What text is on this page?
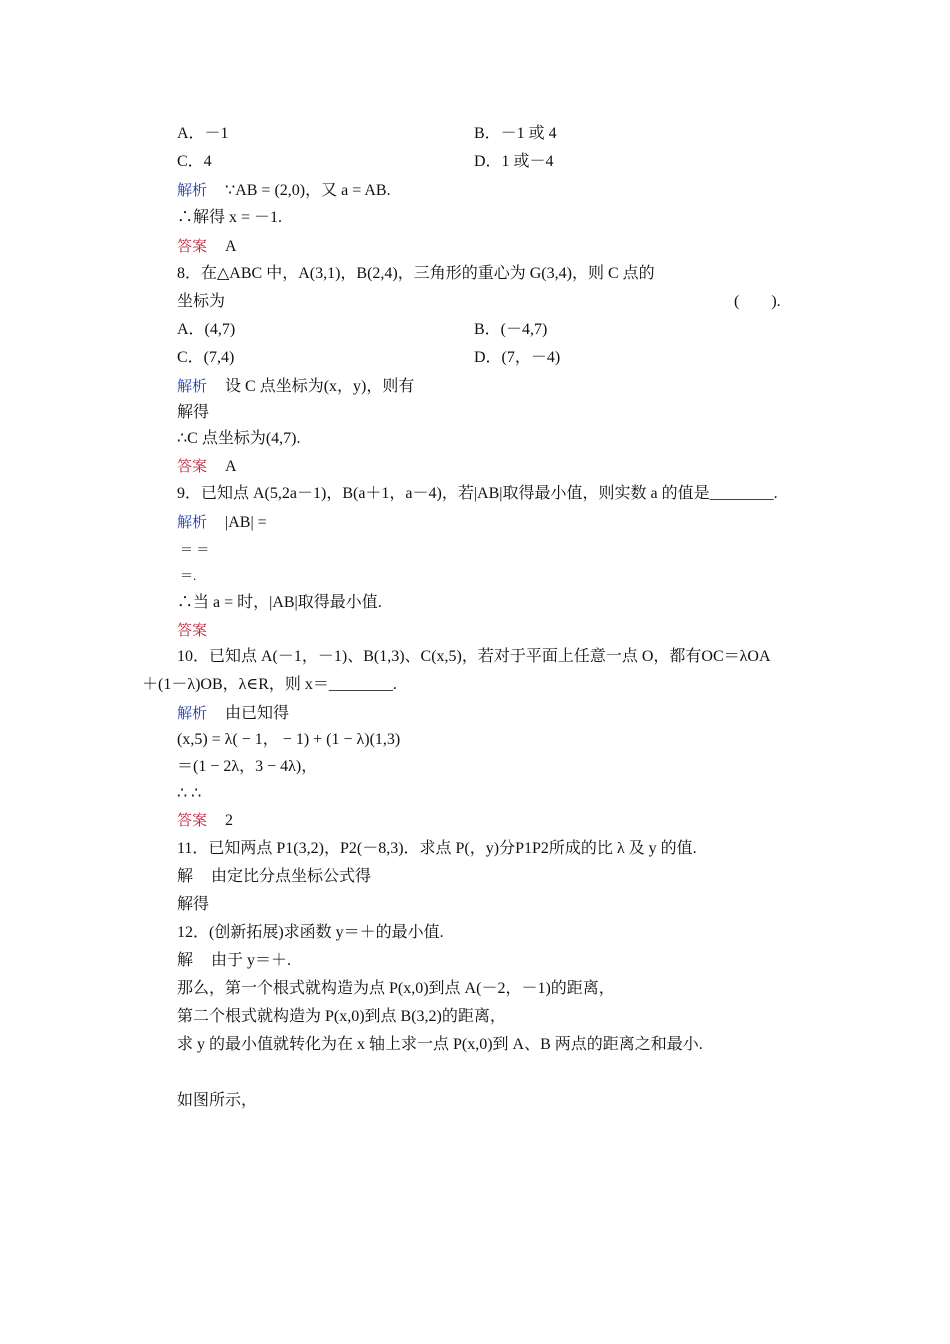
A．－1	B．－1 或 4
C．4	D．1 或－4
解析 ∵AB = (2,0)，又 a = AB.
∴解得 x = －1.
答案 A
8．在△ABC 中，A(3,1)，B(2,4)，三角形的重心为 G(3,4)，则 C 点的
坐标为	(　　).
A．(4,7)	B．(－4,7)
C．(7,4)	D．(7，－4)
解析 设 C 点坐标为(x，y)，则有
解得
∴C 点坐标为(4,7).
答案 A
9．已知点 A(5,2a－1)，B(a＋1，a－4)，若|AB|取得最小值，则实数 a 的值是________.
解析 |AB| =
＝ ＝
＝.
∴当 a = 时，|AB|取得最小值.
答案
10．已知点 A(－1，－1)、B(1,3)、C(x,5)，若对于平面上任意一点 O，都有OC＝λOA
＋(1－λ)OB，λ∈R，则 x＝________.
解析 由已知得
(x,5) = λ( − 1， − 1) + (1 − λ)(1,3)
＝(1 − 2λ，3 − 4λ)，
∴ ∴
答案 2
11．已知两点 P1(3,2)，P2(－8,3)．求点 P(，y)分P1P2所成的比 λ 及 y 的值.
解 由定比分点坐标公式得
解得
12．(创新拓展)求函数 y＝＋的最小值.
解 由于 y＝＋.
那么，第一个根式就构造为点 P(x,0)到点 A(－2，－1)的距离，
第二个根式就构造为 P(x,0)到点 B(3,2)的距离，
求 y 的最小值就转化为在 x 轴上求一点 P(x,0)到 A、B 两点的距离之和最小.
如图所示，
